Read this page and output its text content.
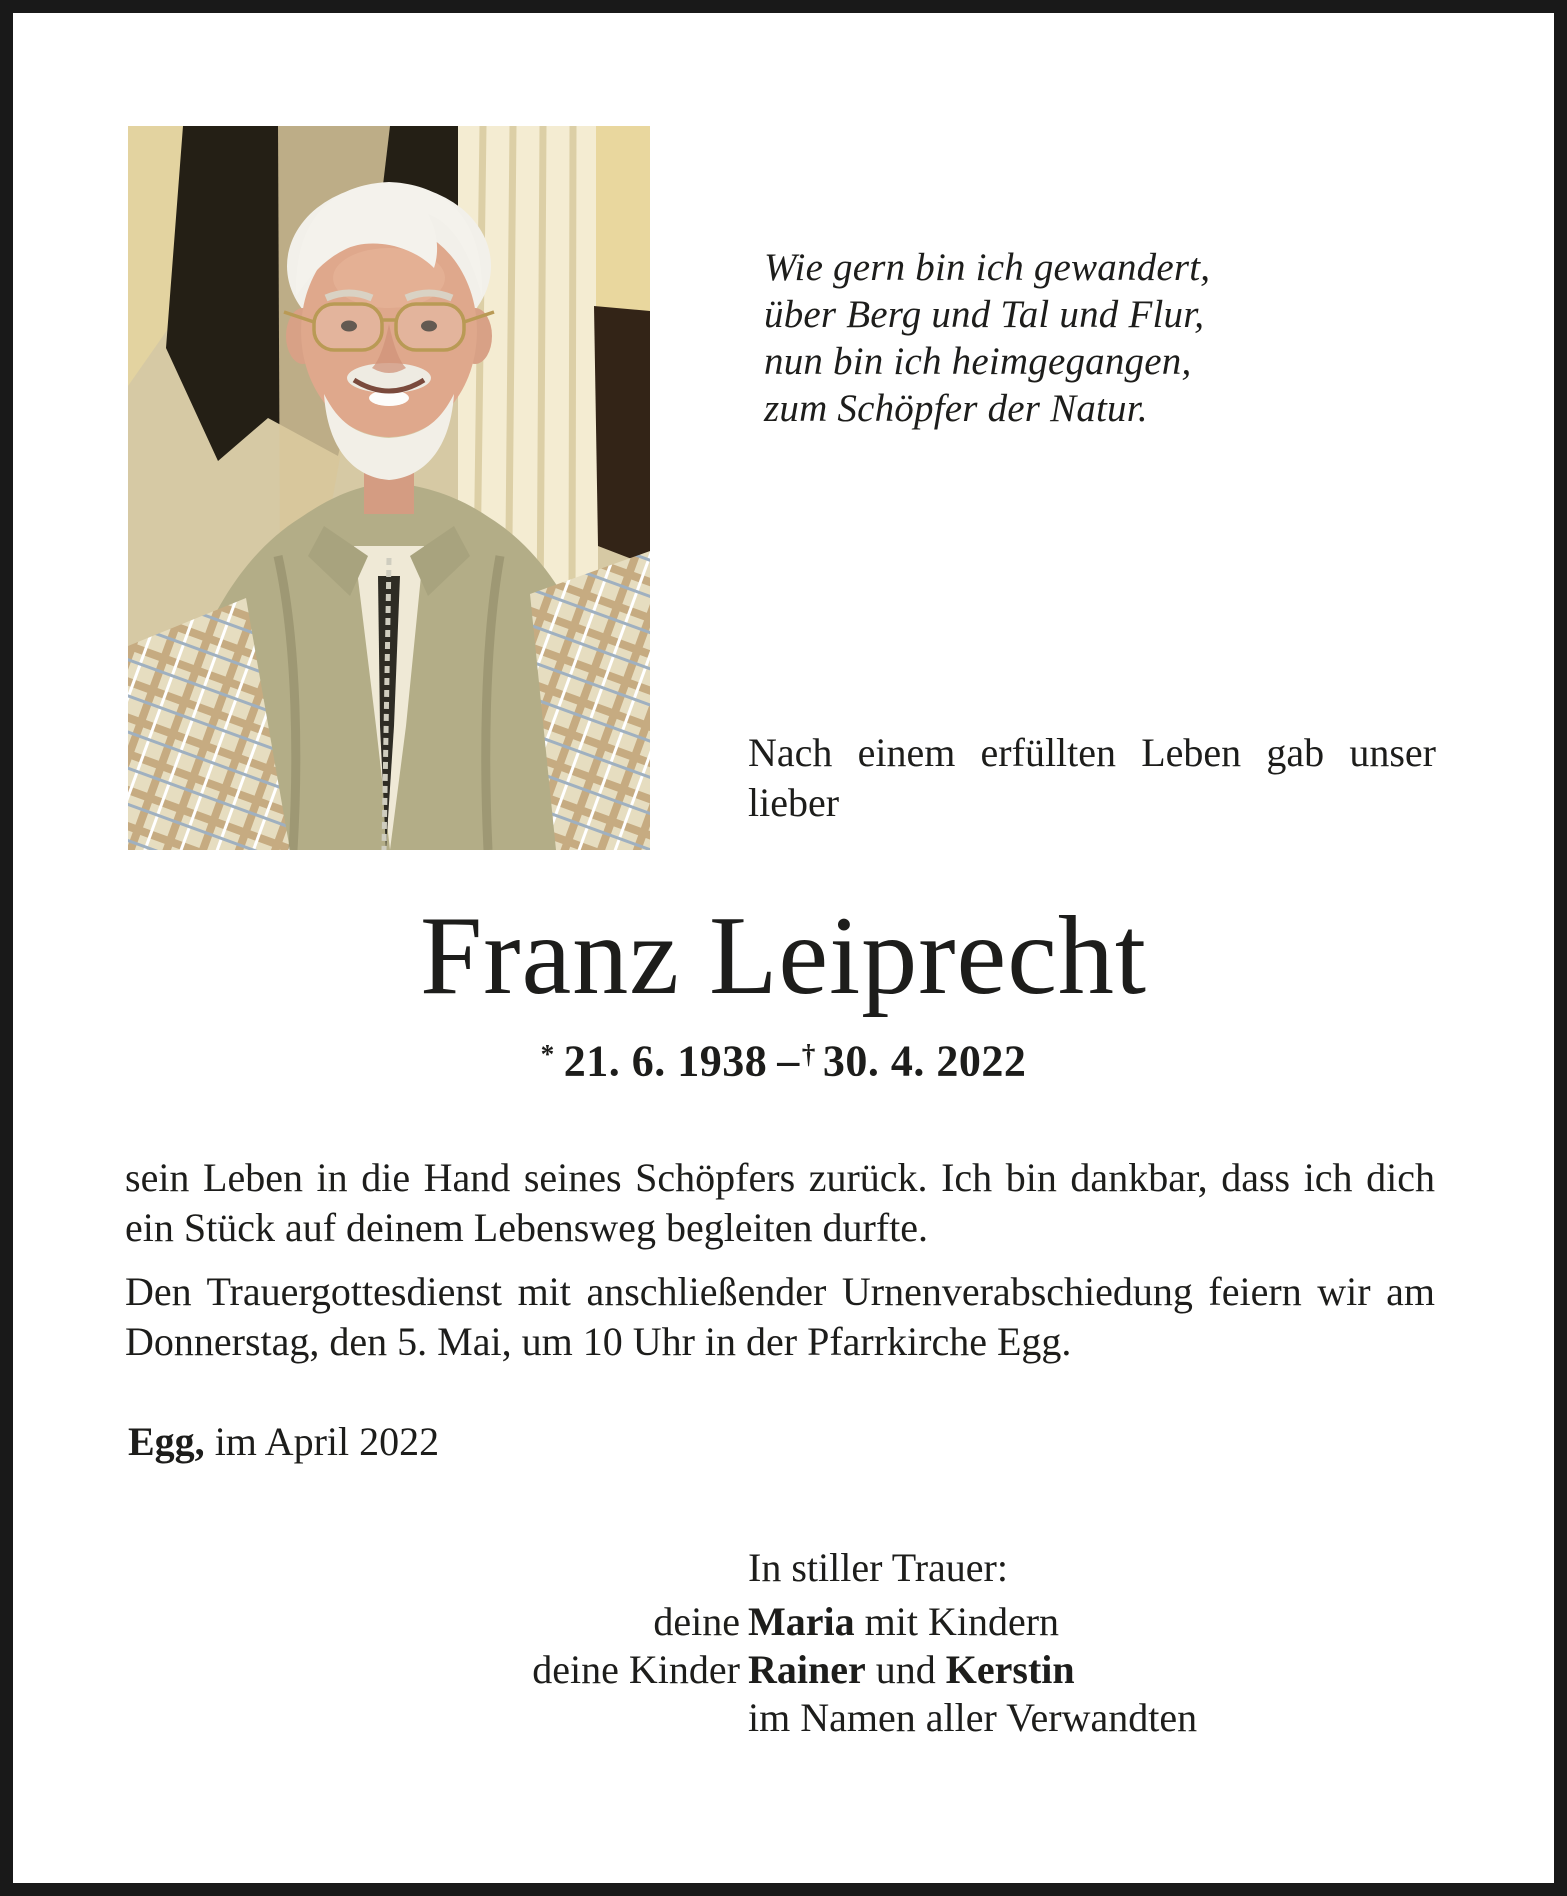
Wie gern bin ich gewandert,
über Berg und Tal und Flur,
nun bin ich heimgegangen,
zum Schöpfer der Natur.
Nach einem erfüllten Leben gab unser lieber
Franz Leiprecht
* 21. 6. 1938 –† 30. 4. 2022

sein Leben in die Hand seines Schöpfers zurück. Ich bin dankbar, dass ich dich ein Stück auf deinem Lebensweg begleiten durfte.

Den Trauergottesdienst mit anschließender Urnenverabschiedung feiern wir am Donnerstag, den 5. Mai, um 10 Uhr in der Pfarrkirche Egg.

Egg, im April 2022
In stiller Trauer:
deine Maria mit Kindern
deine Kinder Rainer und Kerstin
im Namen aller Verwandten
